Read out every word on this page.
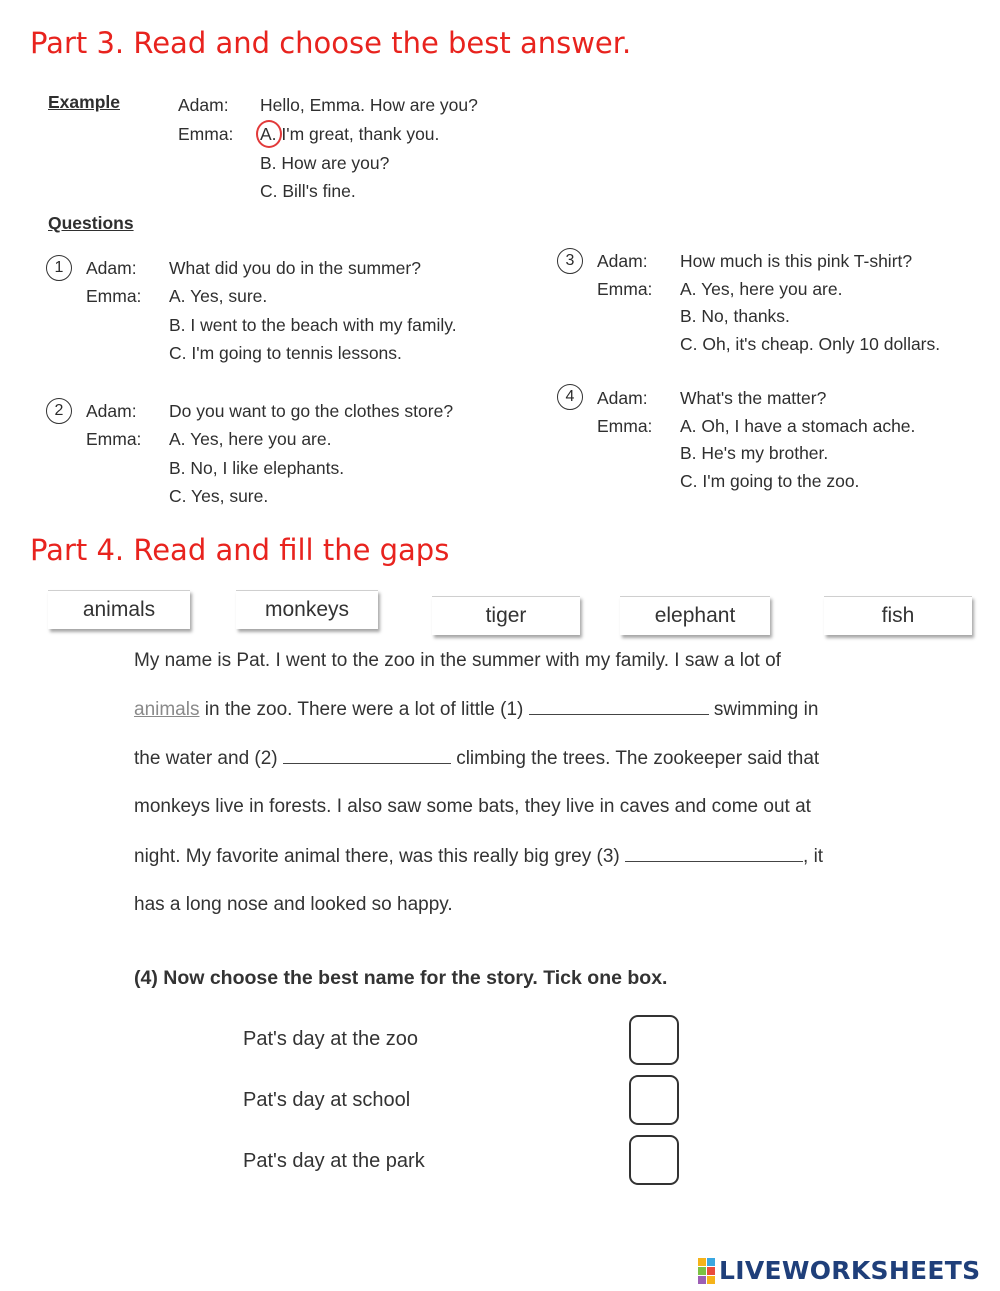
Part 3. Read and choose the best answer.
Example	Adam: Hello, Emma. How are you?
Emma: A. I'm great, thank you.
B. How are you?
C. Bill's fine.
Questions
1	Adam: What did you do in the summer?
Emma: A. Yes, sure.
B. I went to the beach with my family.
C. I'm going to tennis lessons.
2	Adam: Do you want to go the clothes store?
Emma: A. Yes, here you are.
B. No, I like elephants.
C. Yes, sure.
3	Adam: How much is this pink T-shirt?
Emma: A. Yes, here you are.
B. No, thanks.
C. Oh, it's cheap. Only 10 dollars.
4	Adam: What's the matter?
Emma: A. Oh, I have a stomach ache.
B. He's my brother.
C. I'm going to the zoo.
Part 4. Read and fill the gaps
animals	monkeys	tiger	elephant	fish
My name is Pat. I went to the zoo in the summer with my family. I saw a lot of
animals in the zoo. There were a lot of little (1)	swimming in
the water and (2)	climbing the trees. The zookeeper said that
monkeys live in forests. I also saw some bats, they live in caves and come out at
night. My favorite animal there, was this really big grey (3)	, it
has a long nose and looked so happy.
(4) Now choose the best name for the story. Tick one box.
Pat's day at the zoo
Pat's day at school
Pat's day at the park
LIVEWORKSHEETS
